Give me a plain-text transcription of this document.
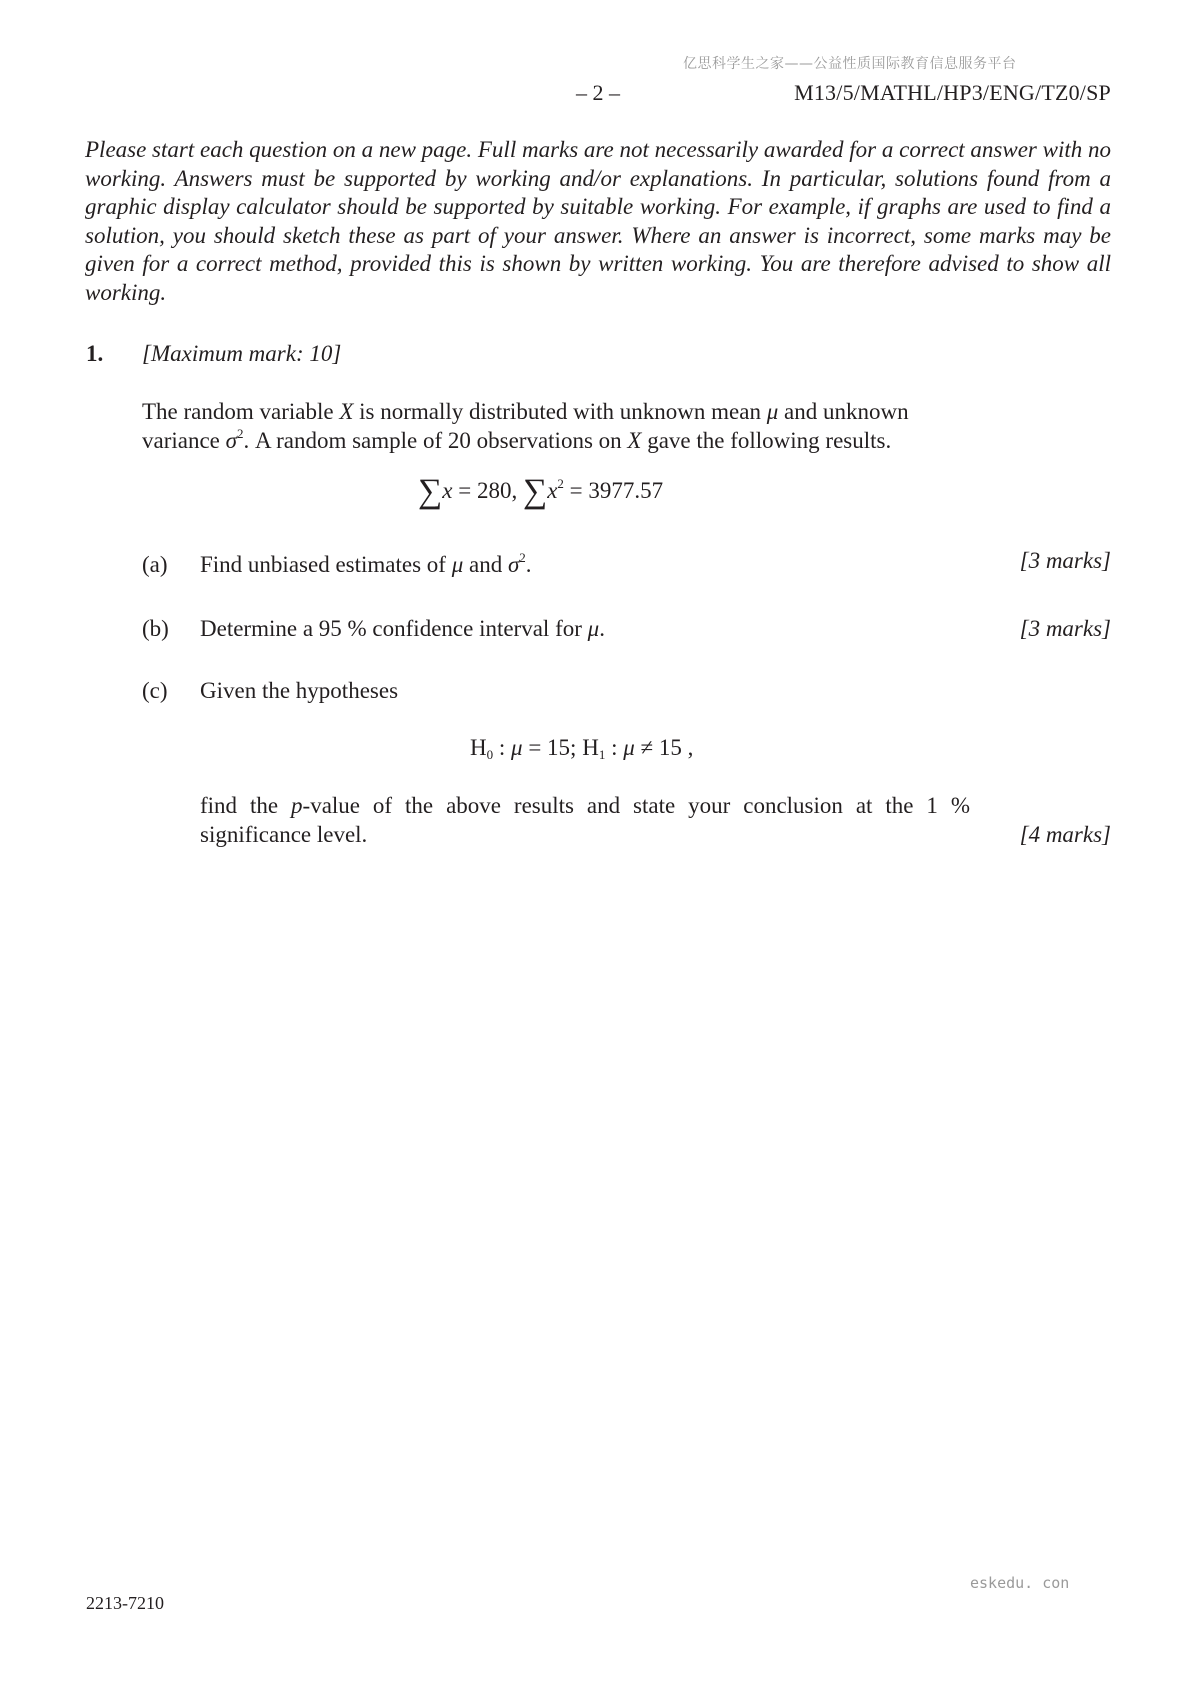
亿思科学生之家——公益性质国际教育信息服务平台
– 2 –	M13/5/MATHL/HP3/ENG/TZ0/SP
Please start each question on a new page. Full marks are not necessarily awarded for a correct answer with no working. Answers must be supported by working and/or explanations. In particular, solutions found from a graphic display calculator should be supported by suitable working. For example, if graphs are used to find a solution, you should sketch these as part of your answer. Where an answer is incorrect, some marks may be given for a correct method, provided this is shown by written working. You are therefore advised to show all working.
1. [Maximum mark: 10]
The random variable X is normally distributed with unknown mean μ and unknown variance $\sigma^2$. A random sample of 20 observations on X gave the following results.
∑x = 280, $\sum x^2 = 3977.57$
(a) Find unbiased estimates of μ and $\sigma^2$.	[3 marks]
(b) Determine a 95 % confidence interval for μ.	[3 marks]
(c) Given the hypotheses
$H_0$ : μ = 15; $H_1$ : μ ≠ 15 ,
find the p-value of the above results and state your conclusion at the 1 %
significance level.	[4 marks]
eskedu. con
2213-7210
